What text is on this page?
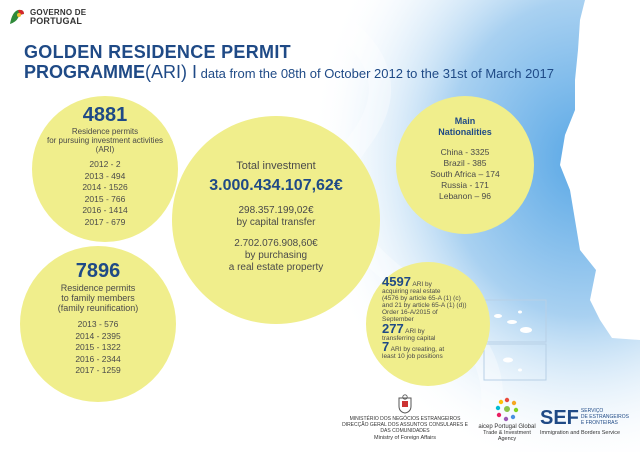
GOVERNO DE
PORTUGAL
GOLDEN RESIDENCE PERMIT
PROGRAMME(ARI) I data from the 08th of October 2012 to the 31st of March 2017
4881
Residence permits
for pursuing investment activities
(ARI)
2012 - 2
2013 - 494
2014 - 1526
2015 - 766
2016 - 1414
2017 - 679
Total investment
3.000.434.107,62€
298.357.199,02€
by capital transfer
2.702.076.908,60€
by purchasing
a real estate property
Main
Nationalities
China - 3325
Brazil - 385
South Africa – 174
Russia - 171
Lebanon – 96
7896
Residence permits
to family members
(family reunification)
2013 - 576
2014 - 2395
2015 - 1322
2016 - 2344
2017 - 1259
4597 ARI by
acquiring real estate
(4576 by article 65-A (1) (c)
and 21 by article 65-A (1) (d))
Order 16-A/2015 of
September
277 ARI by
transferring capital
7 ARI by creating, at
least 10 job positions
MINISTÉRIO DOS NEGÓCIOS ESTRANGEIROS
DIRECÇÃO GERAL DOS ASSUNTOS CONSULARES E
DAS COMUNIDADES
Ministry of Foreign Affairs
aicep Portugal Global
Trade & Investment Agency
SEF SERVIÇO
DE ESTRANGEIROS
E FRONTEIRAS
Immigration and Borders Service
